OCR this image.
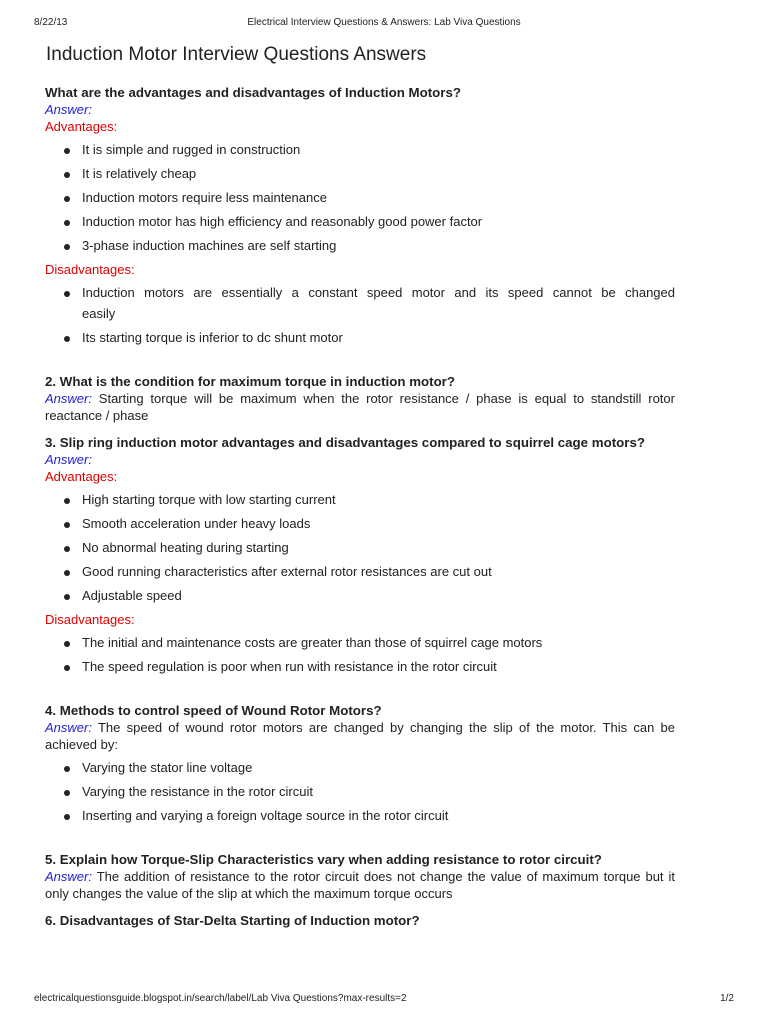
8/22/13	Electrical Interview Questions & Answers: Lab Viva Questions
Induction Motor Interview Questions Answers

What are the advantages and disadvantages of Induction Motors?

Answer:

Advantages:

It is simple and rugged in construction
It is relatively cheap
Induction motors require less maintenance
Induction motor has high efficiency and reasonably good power factor
3-phase induction machines are self starting

Disadvantages:

Induction motors are essentially a constant speed motor and its speed cannot be changed easily
Its starting torque is inferior to dc shunt motor

2. What is the condition for maximum torque in induction motor?

Answer: Starting torque will be maximum when the rotor resistance / phase is equal to standstill rotor reactance / phase

3. Slip ring induction motor advantages and disadvantages compared to squirrel cage motors?

Answer:

Advantages:

High starting torque with low starting current
Smooth acceleration under heavy loads
No abnormal heating during starting
Good running characteristics after external rotor resistances are cut out
Adjustable speed

Disadvantages:

The initial and maintenance costs are greater than those of squirrel cage motors
The speed regulation is poor when run with resistance in the rotor circuit

4. Methods to control speed of Wound Rotor Motors?

Answer: The speed of wound rotor motors are changed by changing the slip of the motor. This can be achieved by:

Varying the stator line voltage
Varying the resistance in the rotor circuit
Inserting and varying a foreign voltage source in the rotor circuit

5. Explain how Torque-Slip Characteristics vary when adding resistance to rotor circuit?

Answer: The addition of resistance to the rotor circuit does not change the value of maximum torque but it only changes the value of the slip at which the maximum torque occurs

6. Disadvantages of Star-Delta Starting of Induction motor?

electricalquestionsguide.blogspot.in/search/label/Lab Viva Questions?max-results=2	1/2
